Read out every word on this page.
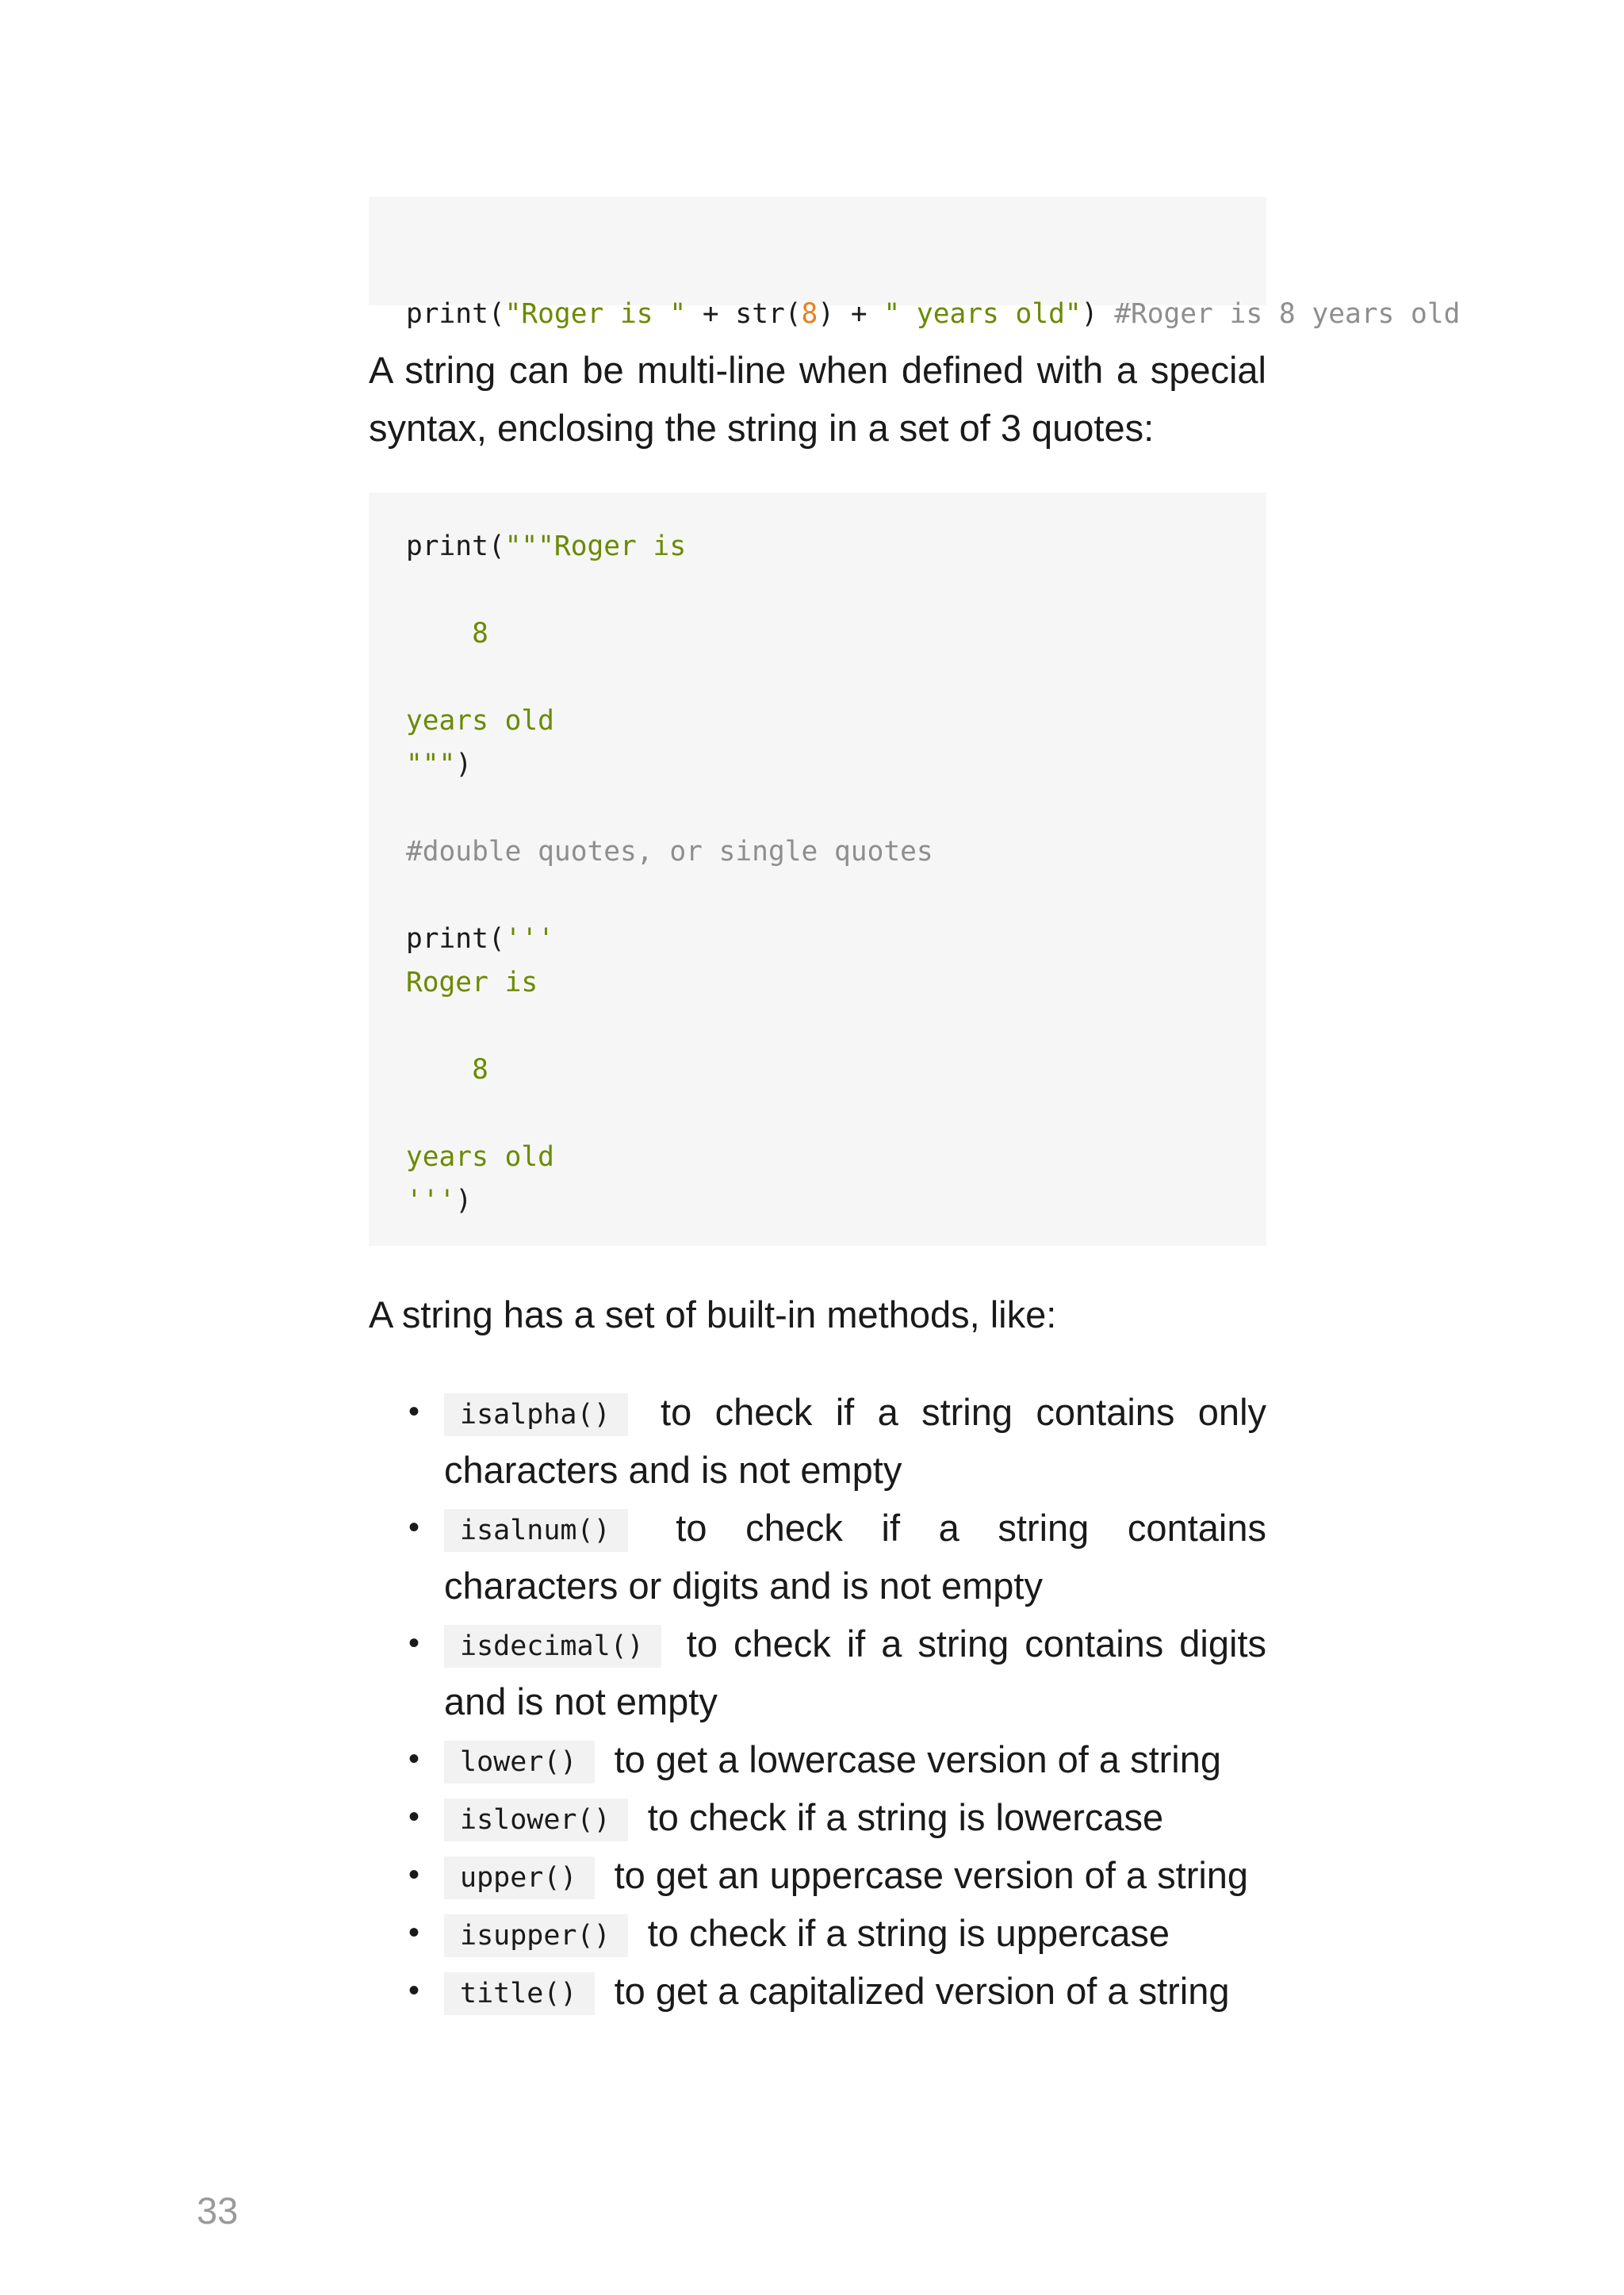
print("Roger is " + str(8) + " years old") #Roger is 8 years old

A string can be multi-line when defined with a special syntax, enclosing the string in a set of 3 quotes:

print("""Roger is
8
years old
""")
#double quotes, or single quotes
print('''
Roger is
8
years old
''')

A string has a set of built-in methods, like:

• isalpha() to check if a string contains only characters and is not empty
• isalnum() to check if a string contains characters or digits and is not empty
• isdecimal() to check if a string contains digits and is not empty
• lower() to get a lowercase version of a string
• islower() to check if a string is lowercase
• upper() to get an uppercase version of a string
• isupper() to check if a string is uppercase
• title() to get a capitalized version of a string
33
